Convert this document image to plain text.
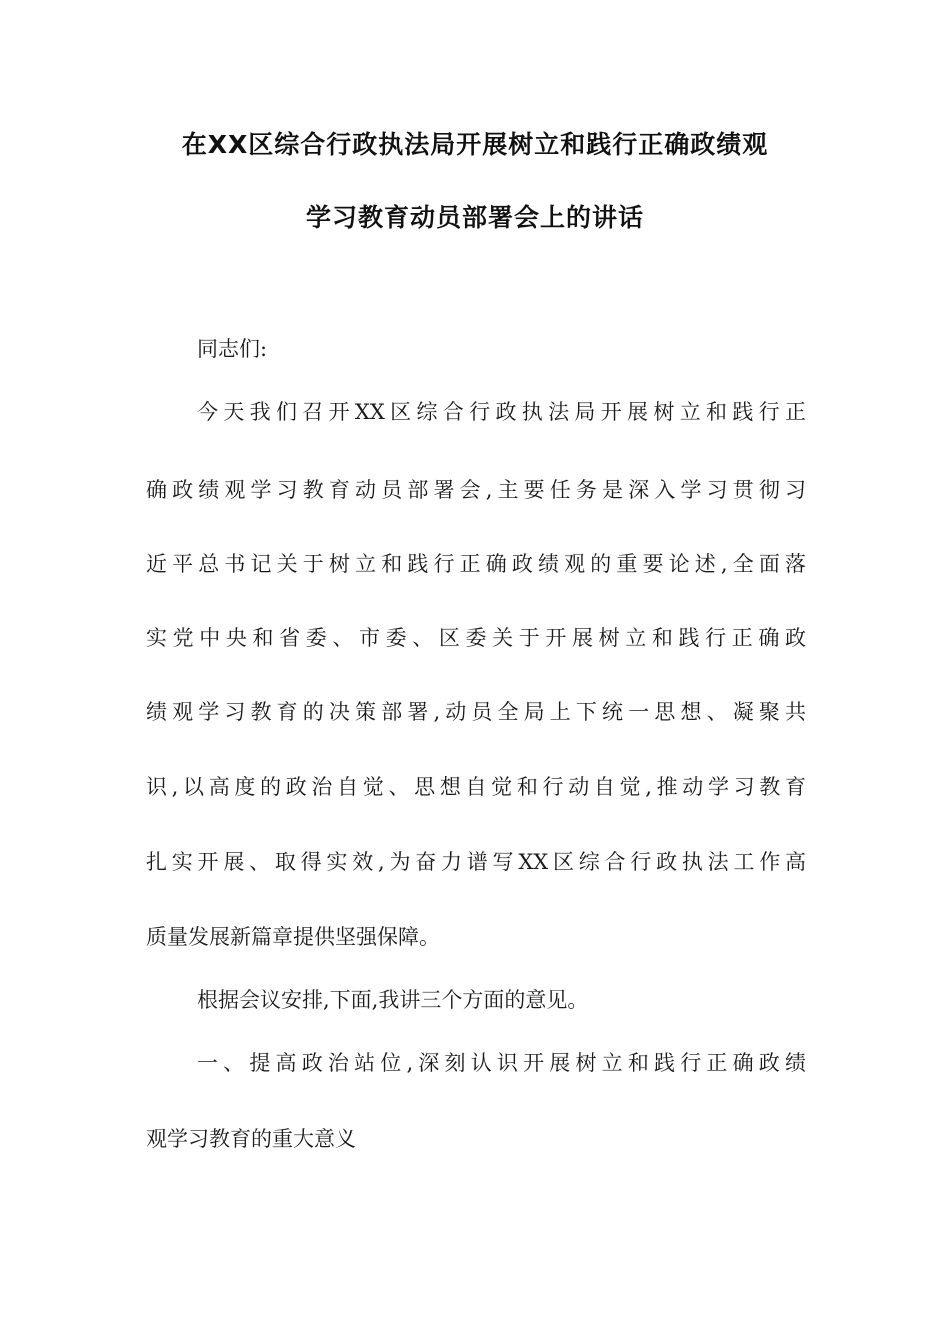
在XX区综合行政执法局开展树立和践行正确政绩观
学习教育动员部署会上的讲话
同志们:
今天我们召开XX区综合行政执法局开展树立和践行正
确政绩观学习教育动员部署会,主要任务是深入学习贯彻习
近平总书记关于树立和践行正确政绩观的重要论述,全面落
实党中央和省委、市委、区委关于开展树立和践行正确政
绩观学习教育的决策部署,动员全局上下统一思想、凝聚共
识,以高度的政治自觉、思想自觉和行动自觉,推动学习教育
扎实开展、取得实效,为奋力谱写XX区综合行政执法工作高
质量发展新篇章提供坚强保障。
根据会议安排,下面,我讲三个方面的意见。
一、提高政治站位,深刻认识开展树立和践行正确政绩
观学习教育的重大意义
